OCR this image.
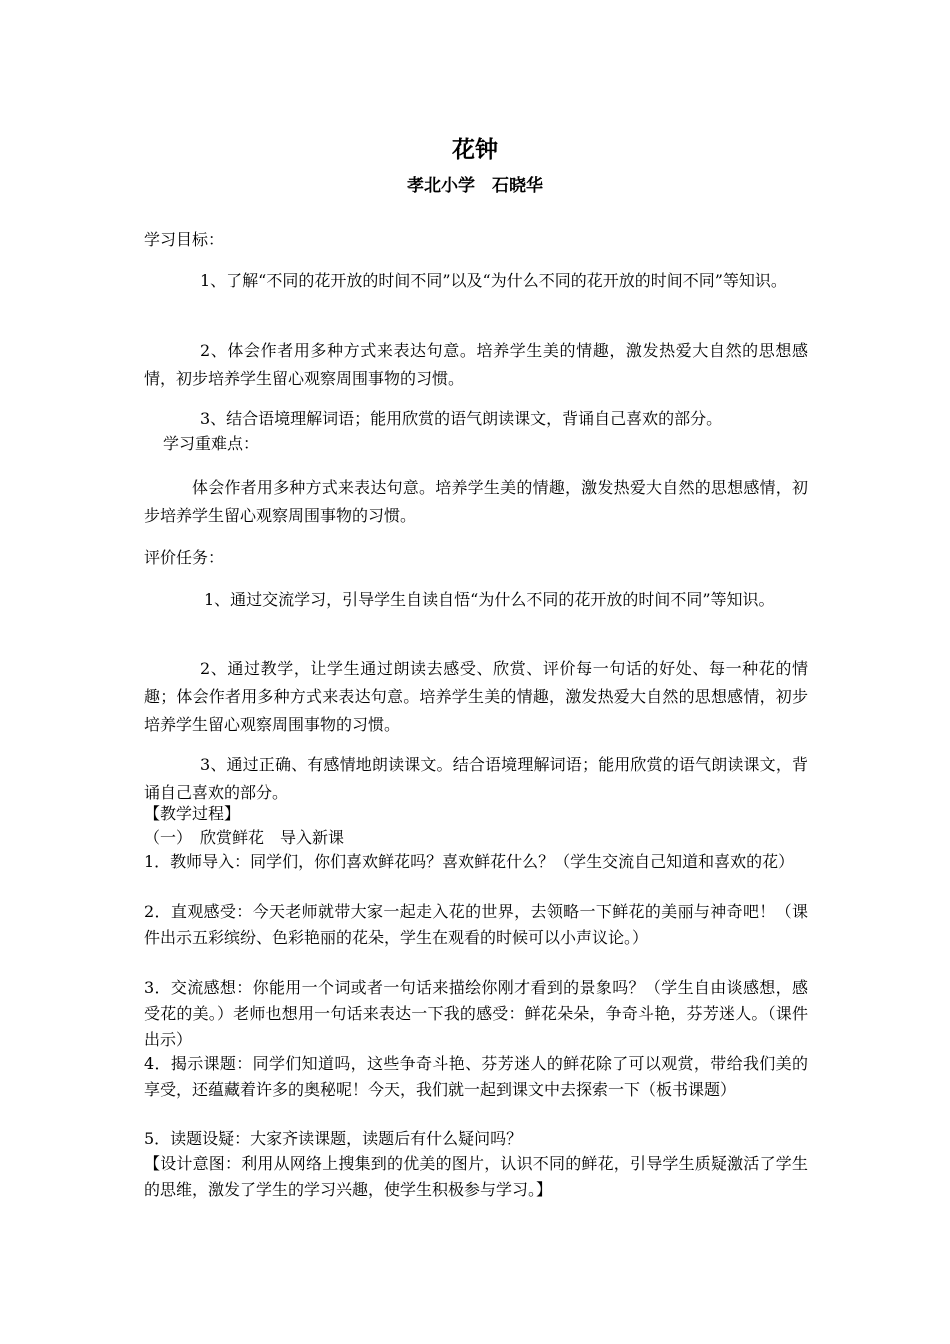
花钟
孝北小学　石晓华
学习目标：
1、了解“不同的花开放的时间不同”以及“为什么不同的花开放的时间不同”等知识。
2、体会作者用多种方式来表达句意。培养学生美的情趣，激发热爱大自然的思想感情，初步培养学生留心观察周围事物的习惯。
3、结合语境理解词语；能用欣赏的语气朗读课文，背诵自己喜欢的部分。
学习重难点：
体会作者用多种方式来表达句意。培养学生美的情趣，激发热爱大自然的思想感情，初步培养学生留心观察周围事物的习惯。
评价任务：
1、通过交流学习，引导学生自读自悟“为什么不同的花开放的时间不同”等知识。
2、通过教学，让学生通过朗读去感受、欣赏、评价每一句话的好处、每一种花的情趣；体会作者用多种方式来表达句意。培养学生美的情趣，激发热爱大自然的思想感情，初步培养学生留心观察周围事物的习惯。
3、通过正确、有感情地朗读课文。结合语境理解词语；能用欣赏的语气朗读课文，背诵自己喜欢的部分。
【教学过程】
（一）　欣赏鲜花　导入新课
1．教师导入：同学们，你们喜欢鲜花吗？喜欢鲜花什么？（学生交流自己知道和喜欢的花）
2．直观感受：今天老师就带大家一起走入花的世界，去领略一下鲜花的美丽与神奇吧！（课件出示五彩缤纷、色彩艳丽的花朵，学生在观看的时候可以小声议论。）
3．交流感想：你能用一个词或者一句话来描绘你刚才看到的景象吗？（学生自由谈感想，感受花的美。）老师也想用一句话来表达一下我的感受：鲜花朵朵，争奇斗艳，芬芳迷人。（课件出示）
4．揭示课题：同学们知道吗，这些争奇斗艳、芬芳迷人的鲜花除了可以观赏，带给我们美的享受，还蕴藏着许多的奥秘呢！今天，我们就一起到课文中去探索一下（板书课题）
5．读题设疑：大家齐读课题，读题后有什么疑问吗？
【设计意图：利用从网络上搜集到的优美的图片，认识不同的鲜花，引导学生质疑激活了学生的思维，激发了学生的学习兴趣，使学生积极参与学习。】
